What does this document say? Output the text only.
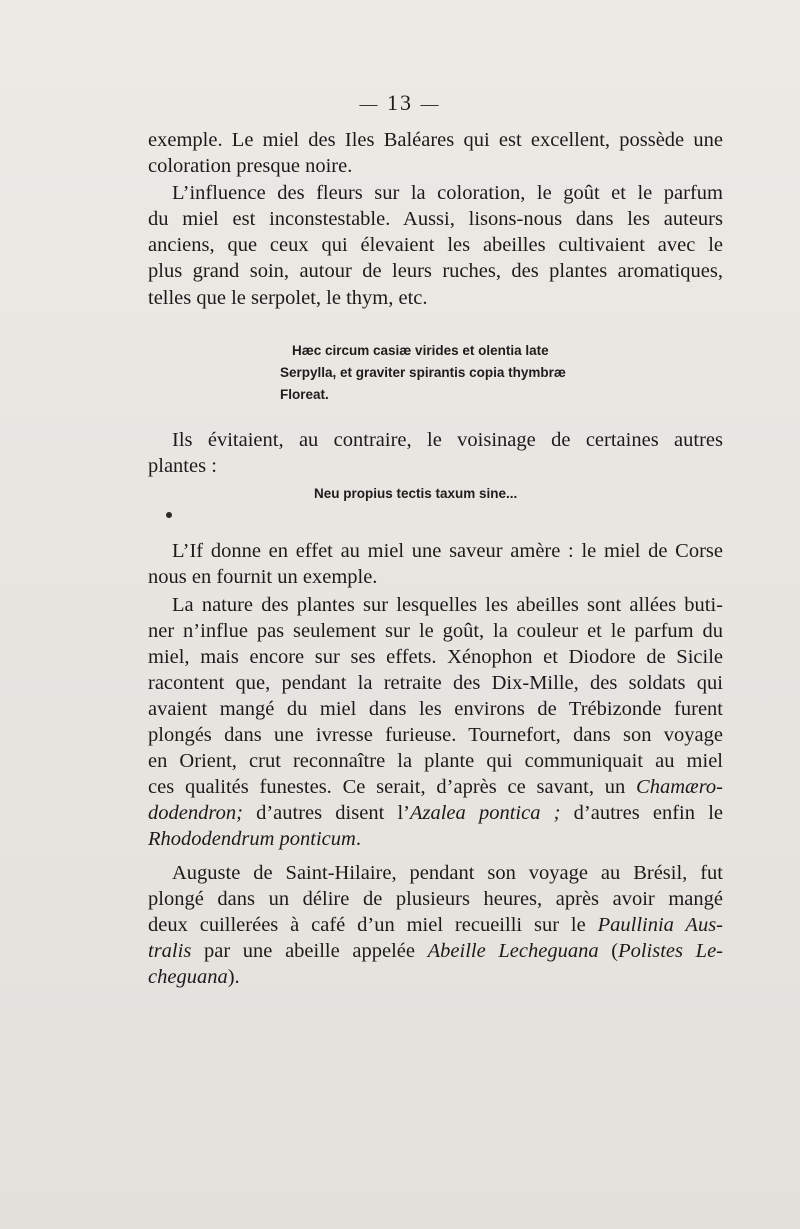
— 13 —
exemple. Le miel des Iles Baléares qui est excellent, possède une
coloration presque noire.
L’influence des fleurs sur la coloration, le goût et le parfum
du miel est inconstestable. Aussi, lisons-nous dans les auteurs
anciens, que ceux qui élevaient les abeilles cultivaient avec le
plus grand soin, autour de leurs ruches, des plantes aromatiques,
telles que le serpolet, le thym, etc.
Hæc circum casiæ virides et olentia late
Serpylla, et graviter spirantis copia thymbræ
Floreat.
Ils évitaient, au contraire, le voisinage de certaines autres
plantes :
Neu propius tectis taxum sine...
L’If donne en effet au miel une saveur amère : le miel de Corse
nous en fournit un exemple.
La nature des plantes sur lesquelles les abeilles sont allées buti-
ner n’influe pas seulement sur le goût, la couleur et le parfum du
miel, mais encore sur ses effets. Xénophon et Diodore de Sicile
racontent que, pendant la retraite des Dix-Mille, des soldats qui
avaient mangé du miel dans les environs de Trébizonde furent
plongés dans une ivresse furieuse. Tournefort, dans son voyage
en Orient, crut reconnaître la plante qui communiquait au miel
ces qualités funestes. Ce serait, d’après ce savant, un Chamæro-
dodendron; d’autres disent l’Azalea pontica ; d’autres enfin le
Rhododendrum ponticum.
Auguste de Saint-Hilaire, pendant son voyage au Brésil, fut
plongé dans un délire de plusieurs heures, après avoir mangé
deux cuillerées à café d’un miel recueilli sur le Paullinia Aus-
tralis par une abeille appelée Abeille Lecheguana (Polistes Le-
cheguana).
